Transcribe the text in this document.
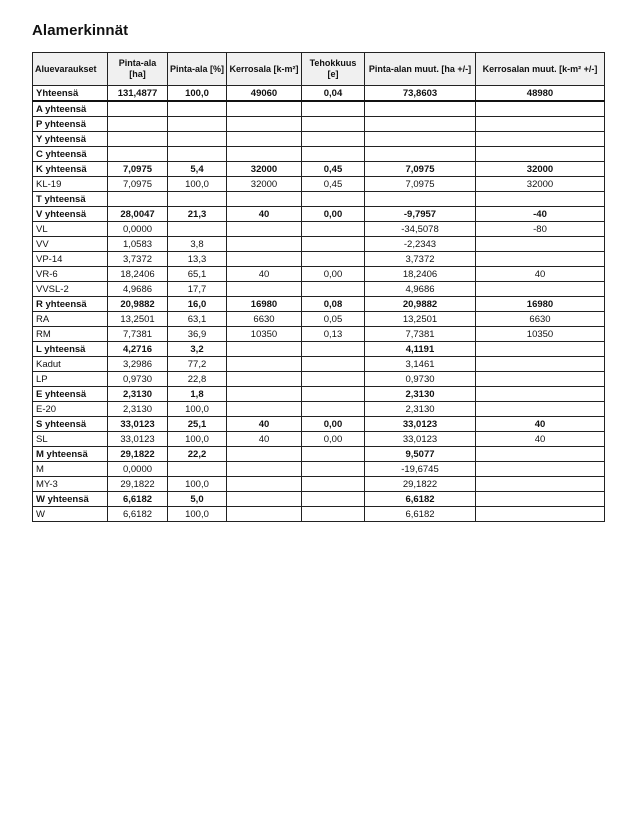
Alamerkinnät
Aluevaraukset	Pinta-ala [ha]	Pinta-ala [%]	Kerrosala [k-m²]	Tehokkuus [e]	Pinta-alan muut. [ha +/-]	Kerrosalan muut. [k-m² +/-]
Yhteensä	131,4877	100,0	49060	0,04	73,8603	48980
A yhteensä						
P yhteensä						
Y yhteensä						
C yhteensä						
K yhteensä	7,0975	5,4	32000	0,45	7,0975	32000
KL-19	7,0975	100,0	32000	0,45	7,0975	32000
T yhteensä						
V yhteensä	28,0047	21,3	40	0,00	-9,7957	-40
VL	0,0000				-34,5078	-80
VV	1,0583	3,8			-2,2343	
VP-14	3,7372	13,3			3,7372	
VR-6	18,2406	65,1	40	0,00	18,2406	40
VVSL-2	4,9686	17,7			4,9686	
R yhteensä	20,9882	16,0	16980	0,08	20,9882	16980
RA	13,2501	63,1	6630	0,05	13,2501	6630
RM	7,7381	36,9	10350	0,13	7,7381	10350
L yhteensä	4,2716	3,2			4,1191	
Kadut	3,2986	77,2			3,1461	
LP	0,9730	22,8			0,9730	
E yhteensä	2,3130	1,8			2,3130	
E-20	2,3130	100,0			2,3130	
S yhteensä	33,0123	25,1	40	0,00	33,0123	40
SL	33,0123	100,0	40	0,00	33,0123	40
M yhteensä	29,1822	22,2			9,5077	
M	0,0000				-19,6745	
MY-3	29,1822	100,0			29,1822	
W yhteensä	6,6182	5,0			6,6182	
W	6,6182	100,0			6,6182	
